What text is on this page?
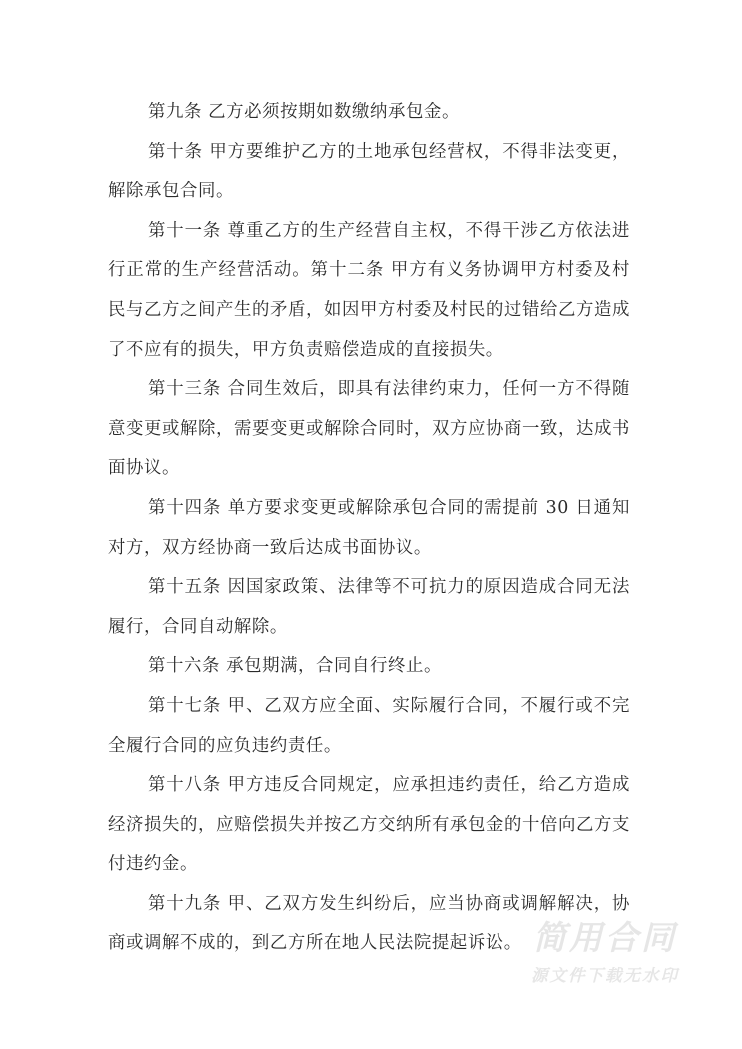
第九条 乙方必须按期如数缴纳承包金。

第十条 甲方要维护乙方的土地承包经营权，不得非法变更，解除承包合同。

第十一条 尊重乙方的生产经营自主权，不得干涉乙方依法进行正常的生产经营活动。第十二条 甲方有义务协调甲方村委及村民与乙方之间产生的矛盾，如因甲方村委及村民的过错给乙方造成了不应有的损失，甲方负责赔偿造成的直接损失。

第十三条 合同生效后，即具有法律约束力，任何一方不得随意变更或解除，需要变更或解除合同时，双方应协商一致，达成书面协议。

第十四条 单方要求变更或解除承包合同的需提前 30 日通知对方，双方经协商一致后达成书面协议。

第十五条 因国家政策、法律等不可抗力的原因造成合同无法履行，合同自动解除。

第十六条 承包期满，合同自行终止。

第十七条 甲、乙双方应全面、实际履行合同，不履行或不完全履行合同的应负违约责任。

第十八条 甲方违反合同规定，应承担违约责任，给乙方造成经济损失的，应赔偿损失并按乙方交纳所有承包金的十倍向乙方支付违约金。

第十九条 甲、乙双方发生纠纷后，应当协商或调解解决，协商或调解不成的，到乙方所在地人民法院提起诉讼。 简用合同
源文件下载无水印
